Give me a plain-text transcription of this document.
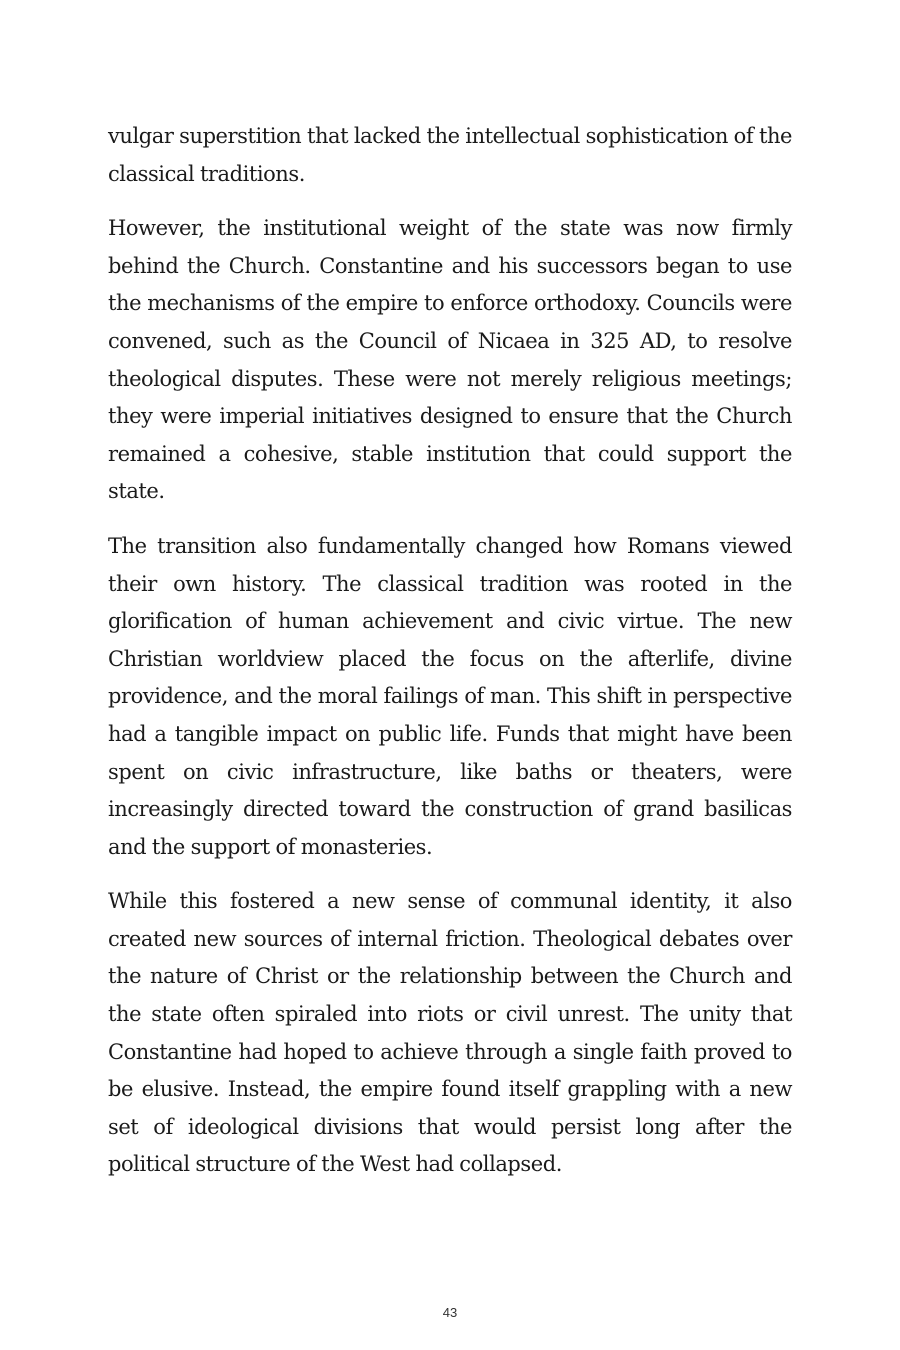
vulgar superstition that lacked the intellectual sophistication of the classical traditions.

However, the institutional weight of the state was now firmly behind the Church. Constantine and his successors began to use the mechanisms of the empire to enforce orthodoxy. Councils were convened, such as the Council of Nicaea in 325 AD, to resolve theological disputes. These were not merely religious meetings; they were imperial initiatives designed to ensure that the Church remained a cohesive, stable institution that could support the state.

The transition also fundamentally changed how Romans viewed their own history. The classical tradition was rooted in the glorification of human achievement and civic virtue. The new Christian worldview placed the focus on the afterlife, divine providence, and the moral failings of man. This shift in perspective had a tangible impact on public life. Funds that might have been spent on civic infrastructure, like baths or theaters, were increasingly directed toward the construction of grand basilicas and the support of monasteries.

While this fostered a new sense of communal identity, it also created new sources of internal friction. Theological debates over the nature of Christ or the relationship between the Church and the state often spiraled into riots or civil unrest. The unity that Constantine had hoped to achieve through a single faith proved to be elusive. Instead, the empire found itself grappling with a new set of ideological divisions that would persist long after the political structure of the West had collapsed.

43
